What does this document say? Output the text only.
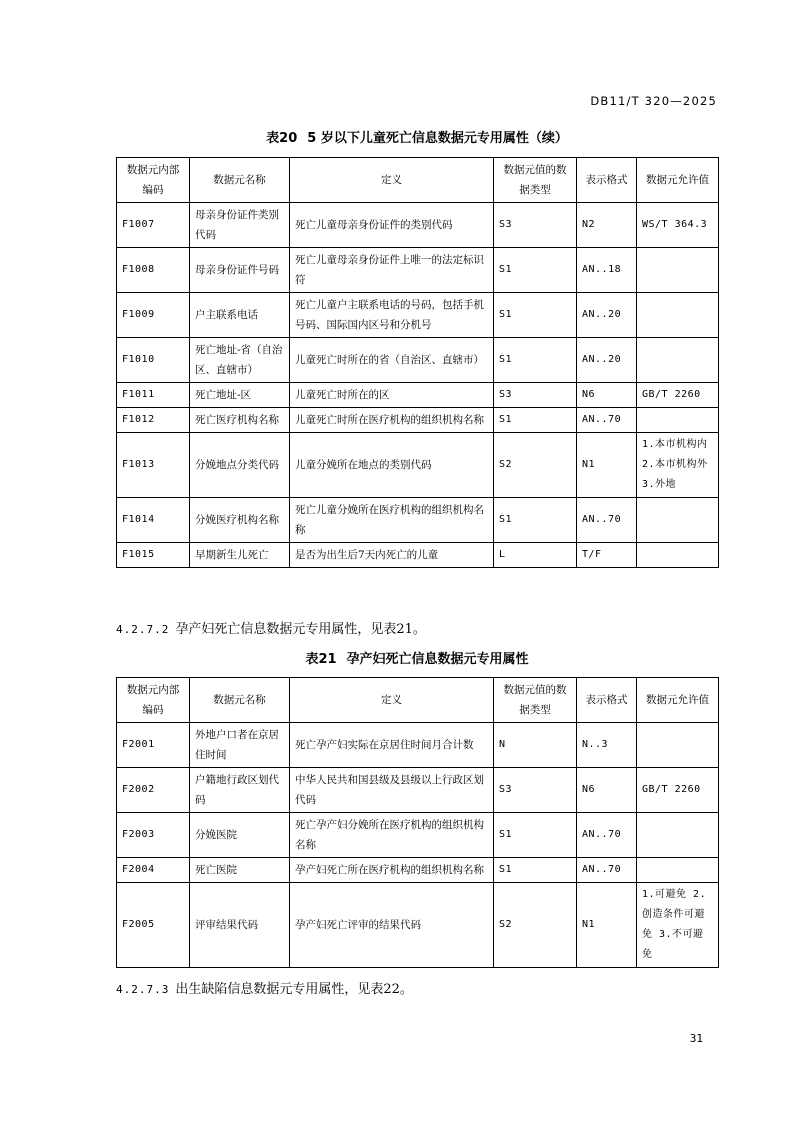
DB11/T 320—2025
表20 5 岁以下儿童死亡信息数据元专用属性（续）
数据元内部编码	数据元名称	定义	数据元值的数据类型	表示格式	数据元允许值
F1007	母亲身份证件类别代码	死亡儿童母亲身份证件的类别代码	S3	N2	WS/T 364.3
F1008	母亲身份证件号码	死亡儿童母亲身份证件上唯一的法定标识符	S1	AN..18	
F1009	户主联系电话	死亡儿童户主联系电话的号码，包括手机号码、国际国内区号和分机号	S1	AN..20	
F1010	死亡地址-省（自治区、直辖市）	儿童死亡时所在的省（自治区、直辖市）	S1	AN..20	
F1011	死亡地址-区	儿童死亡时所在的区	S3	N6	GB/T 2260
F1012	死亡医疗机构名称	儿童死亡时所在医疗机构的组织机构名称	S1	AN..70	
F1013	分娩地点分类代码	儿童分娩所在地点的类别代码	S2	N1	1.本市机构内 2.本市机构外 3.外地
F1014	分娩医疗机构名称	死亡儿童分娩所在医疗机构的组织机构名称	S1	AN..70	
F1015	早期新生儿死亡	是否为出生后7天内死亡的儿童	L	T/F	
4.2.7.2 孕产妇死亡信息数据元专用属性，见表21。
表21 孕产妇死亡信息数据元专用属性
数据元内部编码	数据元名称	定义	数据元值的数据类型	表示格式	数据元允许值
F2001	外地户口者在京居住时间	死亡孕产妇实际在京居住时间月合计数	N	N..3	
F2002	户籍地行政区划代码	中华人民共和国县级及县级以上行政区划代码	S3	N6	GB/T 2260
F2003	分娩医院	死亡孕产妇分娩所在医疗机构的组织机构名称	S1	AN..70	
F2004	死亡医院	孕产妇死亡所在医疗机构的组织机构名称	S1	AN..70	
F2005	评审结果代码	孕产妇死亡评审的结果代码	S2	N1	1.可避免 2.创造条件可避免 3.不可避免
4.2.7.3 出生缺陷信息数据元专用属性，见表22。
31
